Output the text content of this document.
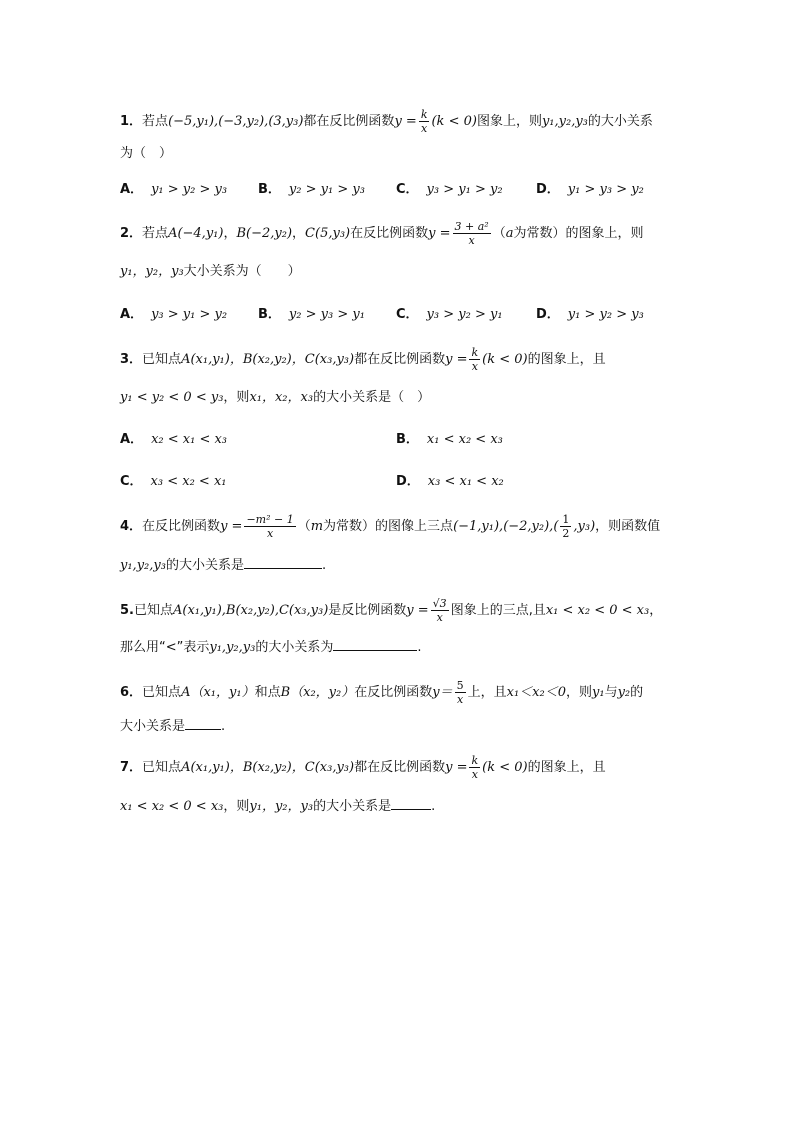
1．若点(−5,y₁),(−3,y₂),(3,y₃)都在反比例函数$y = \frac{k}{x} (k < 0)$图象上，则y₁,y₂,y₃的大小关系
为（　）
A． y₁ > y₂ > y₃ B． y₂ > y₁ > y₃ C． y₃ > y₁ > y₂	D． y₁ > y₃ > y₂
2．若点A(−4,y₁)，B(−2,y₂)，C(5,y₃)在反比例函数$y = \frac{\text{3 + a²}}{x} (a$为常数）的图象上，则
y₁，y₂，y₃大小关系为（　　）
A． y₃ > y₁ > y₂ B． y₂ > y₃ > y₁ C． y₃ > y₂ > y₁	D． y₁ > y₂ > y₃
3．已知点A(x₁,y₁)，B(x₂,y₂)，C(x₃,y₃)都在反比例函数$y = \frac{k}{x} (k < 0)$的图象上，且
y₁ < y₂ < 0 < y₃，则x₁，x₂，x₃的大小关系是（　）
A． x₂ < x₁ < x₃	B． x₁ < x₂ < x₃
C． x₃ < x₂ < x₁	D． x₃ < x₁ < x₂
4．在反比例函数$y = \frac{\text{−m² − 1}}{x} (m$为常数）的图像上三点$(-1,y_1),(-2,y_2),( \frac{1}{2} ,y_3)$，则函数值
y₁,y₂,y₃的大小关系是	.
5.已知点A(x₁,y₁),B(x₂,y₂),C(x₃,y₃)是反比例函数$y = \frac{√3}{x}$ 图象上的三点,且x₁ < x₂ < 0 < x₃，
那么用“<”表示y₁,y₂,y₃的大小关系为	.
6．已知点A（x₁，y₁）和点B（x₂，y₂）在反比例函数$y= \frac{5}{x}$ 上，且x₁＜x₂＜0，则y₁与y₂的
大小关系是	.
7．已知点A(x₁,y₁)，B(x₂,y₂)，C(x₃,y₃)都在反比例函数$y = \frac{k}{x} (k < 0)$的图象上，且
x₁ < x₂ < 0 < x₃，则y₁，y₂，y₃的大小关系是	.
